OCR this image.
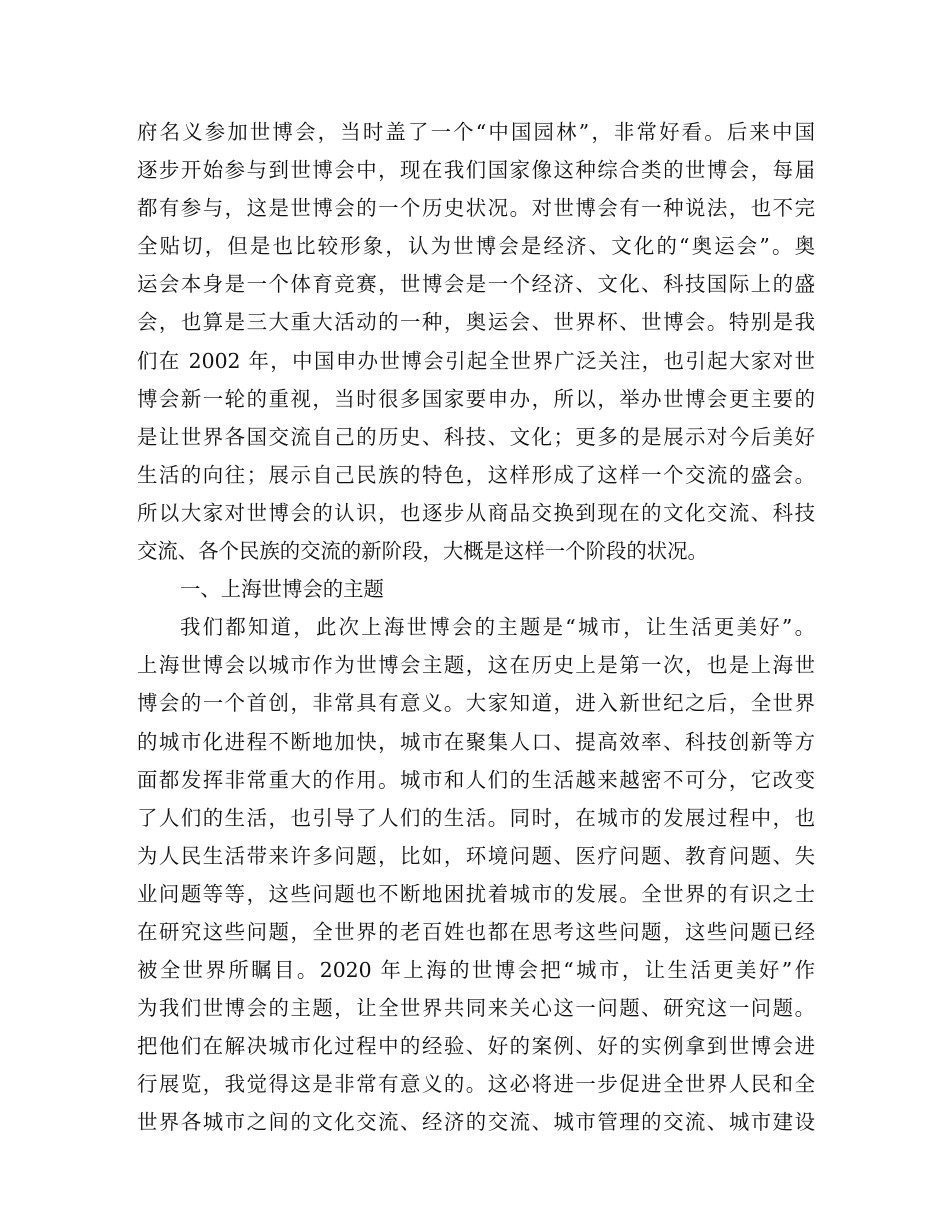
府名义参加世博会，当时盖了一个“中国园林”，非常好看。后来中国
逐步开始参与到世博会中，现在我们国家像这种综合类的世博会，每届
都有参与，这是世博会的一个历史状况。对世博会有一种说法，也不完
全贴切，但是也比较形象，认为世博会是经济、文化的“奥运会”。奥
运会本身是一个体育竞赛，世博会是一个经济、文化、科技国际上的盛
会，也算是三大重大活动的一种，奥运会、世界杯、世博会。特别是我
们在 2002 年，中国申办世博会引起全世界广泛关注，也引起大家对世
博会新一轮的重视，当时很多国家要申办，所以，举办世博会更主要的
是让世界各国交流自己的历史、科技、文化；更多的是展示对今后美好
生活的向往；展示自己民族的特色，这样形成了这样一个交流的盛会。
所以大家对世博会的认识，也逐步从商品交换到现在的文化交流、科技
交流、各个民族的交流的新阶段，大概是这样一个阶段的状况。
一、上海世博会的主题
我们都知道，此次上海世博会的主题是“城市，让生活更美好”。
上海世博会以城市作为世博会主题，这在历史上是第一次，也是上海世
博会的一个首创，非常具有意义。大家知道，进入新世纪之后，全世界
的城市化进程不断地加快，城市在聚集人口、提高效率、科技创新等方
面都发挥非常重大的作用。城市和人们的生活越来越密不可分，它改变
了人们的生活，也引导了人们的生活。同时，在城市的发展过程中，也
为人民生活带来许多问题，比如，环境问题、医疗问题、教育问题、失
业问题等等，这些问题也不断地困扰着城市的发展。全世界的有识之士
在研究这些问题，全世界的老百姓也都在思考这些问题，这些问题已经
被全世界所瞩目。2020 年上海的世博会把“城市，让生活更美好”作
为我们世博会的主题，让全世界共同来关心这一问题、研究这一问题。
把他们在解决城市化过程中的经验、好的案例、好的实例拿到世博会进
行展览，我觉得这是非常有意义的。这必将进一步促进全世界人民和全
世界各城市之间的文化交流、经济的交流、城市管理的交流、城市建设
